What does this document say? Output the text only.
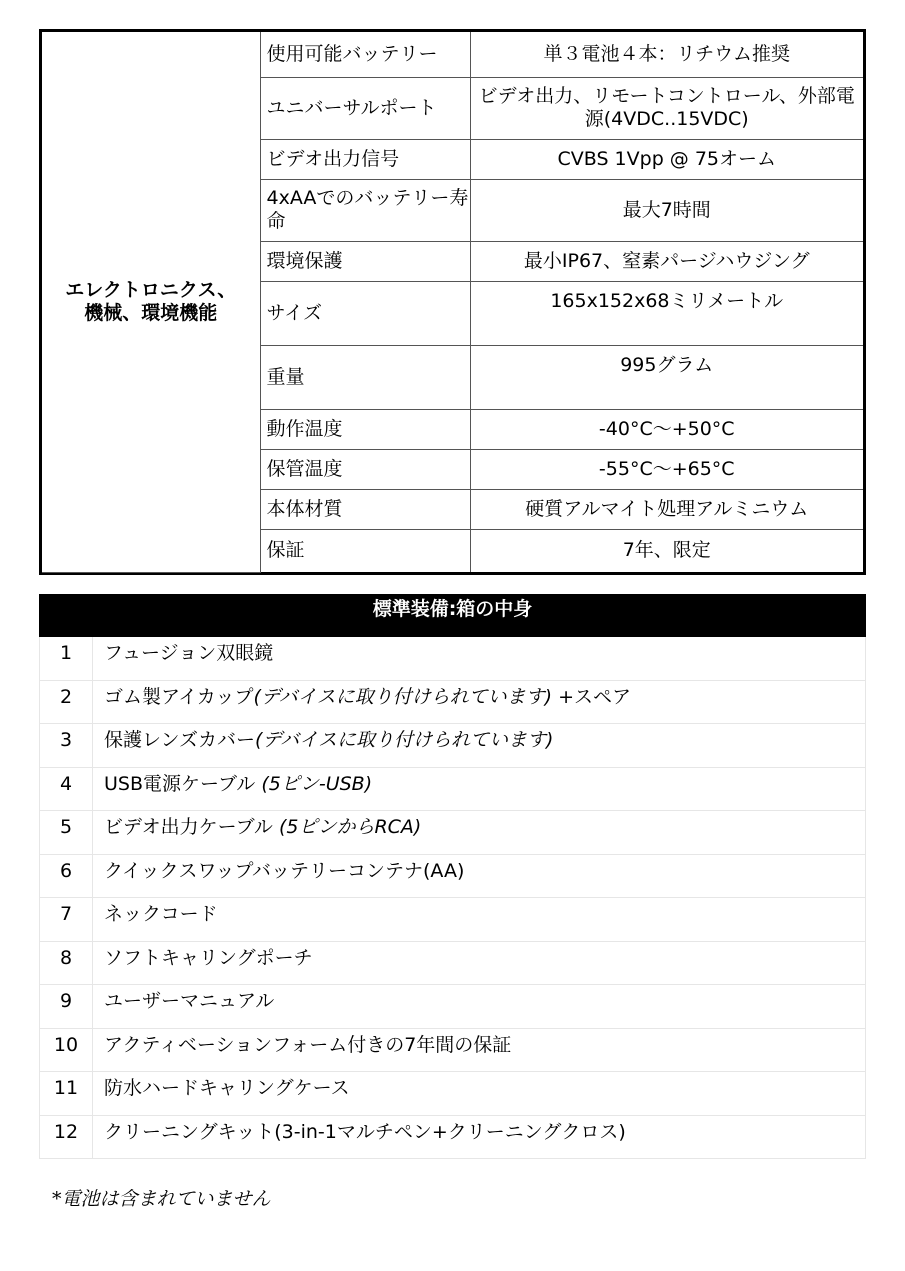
エレクトロニクス、
機械、環境機能	使用可能バッテリー	単３電池４本：リチウム推奨
	ユニバーサルポート	ビデオ出力、リモートコントロール、外部電源(4VDC..15VDC)
	ビデオ出力信号	CVBS 1Vpp @ 75オーム
	4xAAでのバッテリー寿命	最大7時間
	環境保護	最小IP67、窒素パージハウジング
	サイズ	165x152x68ミリメートル
	重量	995グラム
	動作温度	-40°C～+50°C
	保管温度	-55°C～+65°C
	本体材質	硬質アルマイト処理アルミニウム
	保証	7年、限定
標準装備:箱の中身
1	フュージョン双眼鏡
2	ゴム製アイカップ(デバイスに取り付けられています) +スペア
3	保護レンズカバー(デバイスに取り付けられています)
4	USB電源ケーブル (5ピン-USB)
5	ビデオ出力ケーブル (5ピンからRCA)
6	クイックスワップバッテリーコンテナ(AA)
7	ネックコード
8	ソフトキャリングポーチ
9	ユーザーマニュアル
10	アクティベーションフォーム付きの7年間の保証
11	防水ハードキャリングケース
12	クリーニングキット(3-in-1マルチペン+クリーニングクロス)
*電池は含まれていません
